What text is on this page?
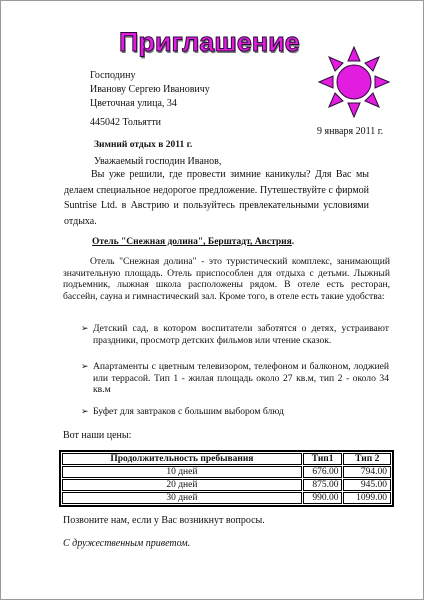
Приглашение
Господину
Иванову Сергею Ивановичу
Цветочная улица, 34
445042 Тольятти
9 января 2011 г.
Зимний отдых в 2011 г.
Уважаемый господин Иванов,
Вы уже решили, где провести зимние каникулы? Для Вас мы делаем специальное недорогое предложение. Путешествуйте с фирмой Suntrise Ltd. в Австрию и пользуйтесь превлекательными условиями отдыха.
Отель "Снежная долина", Берштадт, Австрия.
Отель "Снежная долина" - это туристический комплекс, занимающий значительную площадь. Отель приспособлен для отдыха с детьми. Лыжный подъемник, лыжная школа расположены рядом. В отеле есть ресторан, бассейн, сауна и гимнастический зал. Кроме того, в отеле есть такие удобства:
➢ Детский сад, в котором воспитатели заботятся о детях, устраивают праздники, просмотр детских фильмов или чтение сказок.
➢ Апартаменты с цветным телевизором, телефоном и балконом, лоджией или террасой. Тип 1 - жилая площадь около 27 кв.м, тип 2 - около 34 кв.м
➢ Буфет для завтраков с большим выбором блюд
Вот наши цены:
Продолжительность пребывания	Тип1	Тип 2
10 дней	676.00	794.00
20 дней	875.00	945.00
30 дней	990.00	1099.00
Позвоните нам, если у Вас возникнут вопросы.
С дружественным приветом.
